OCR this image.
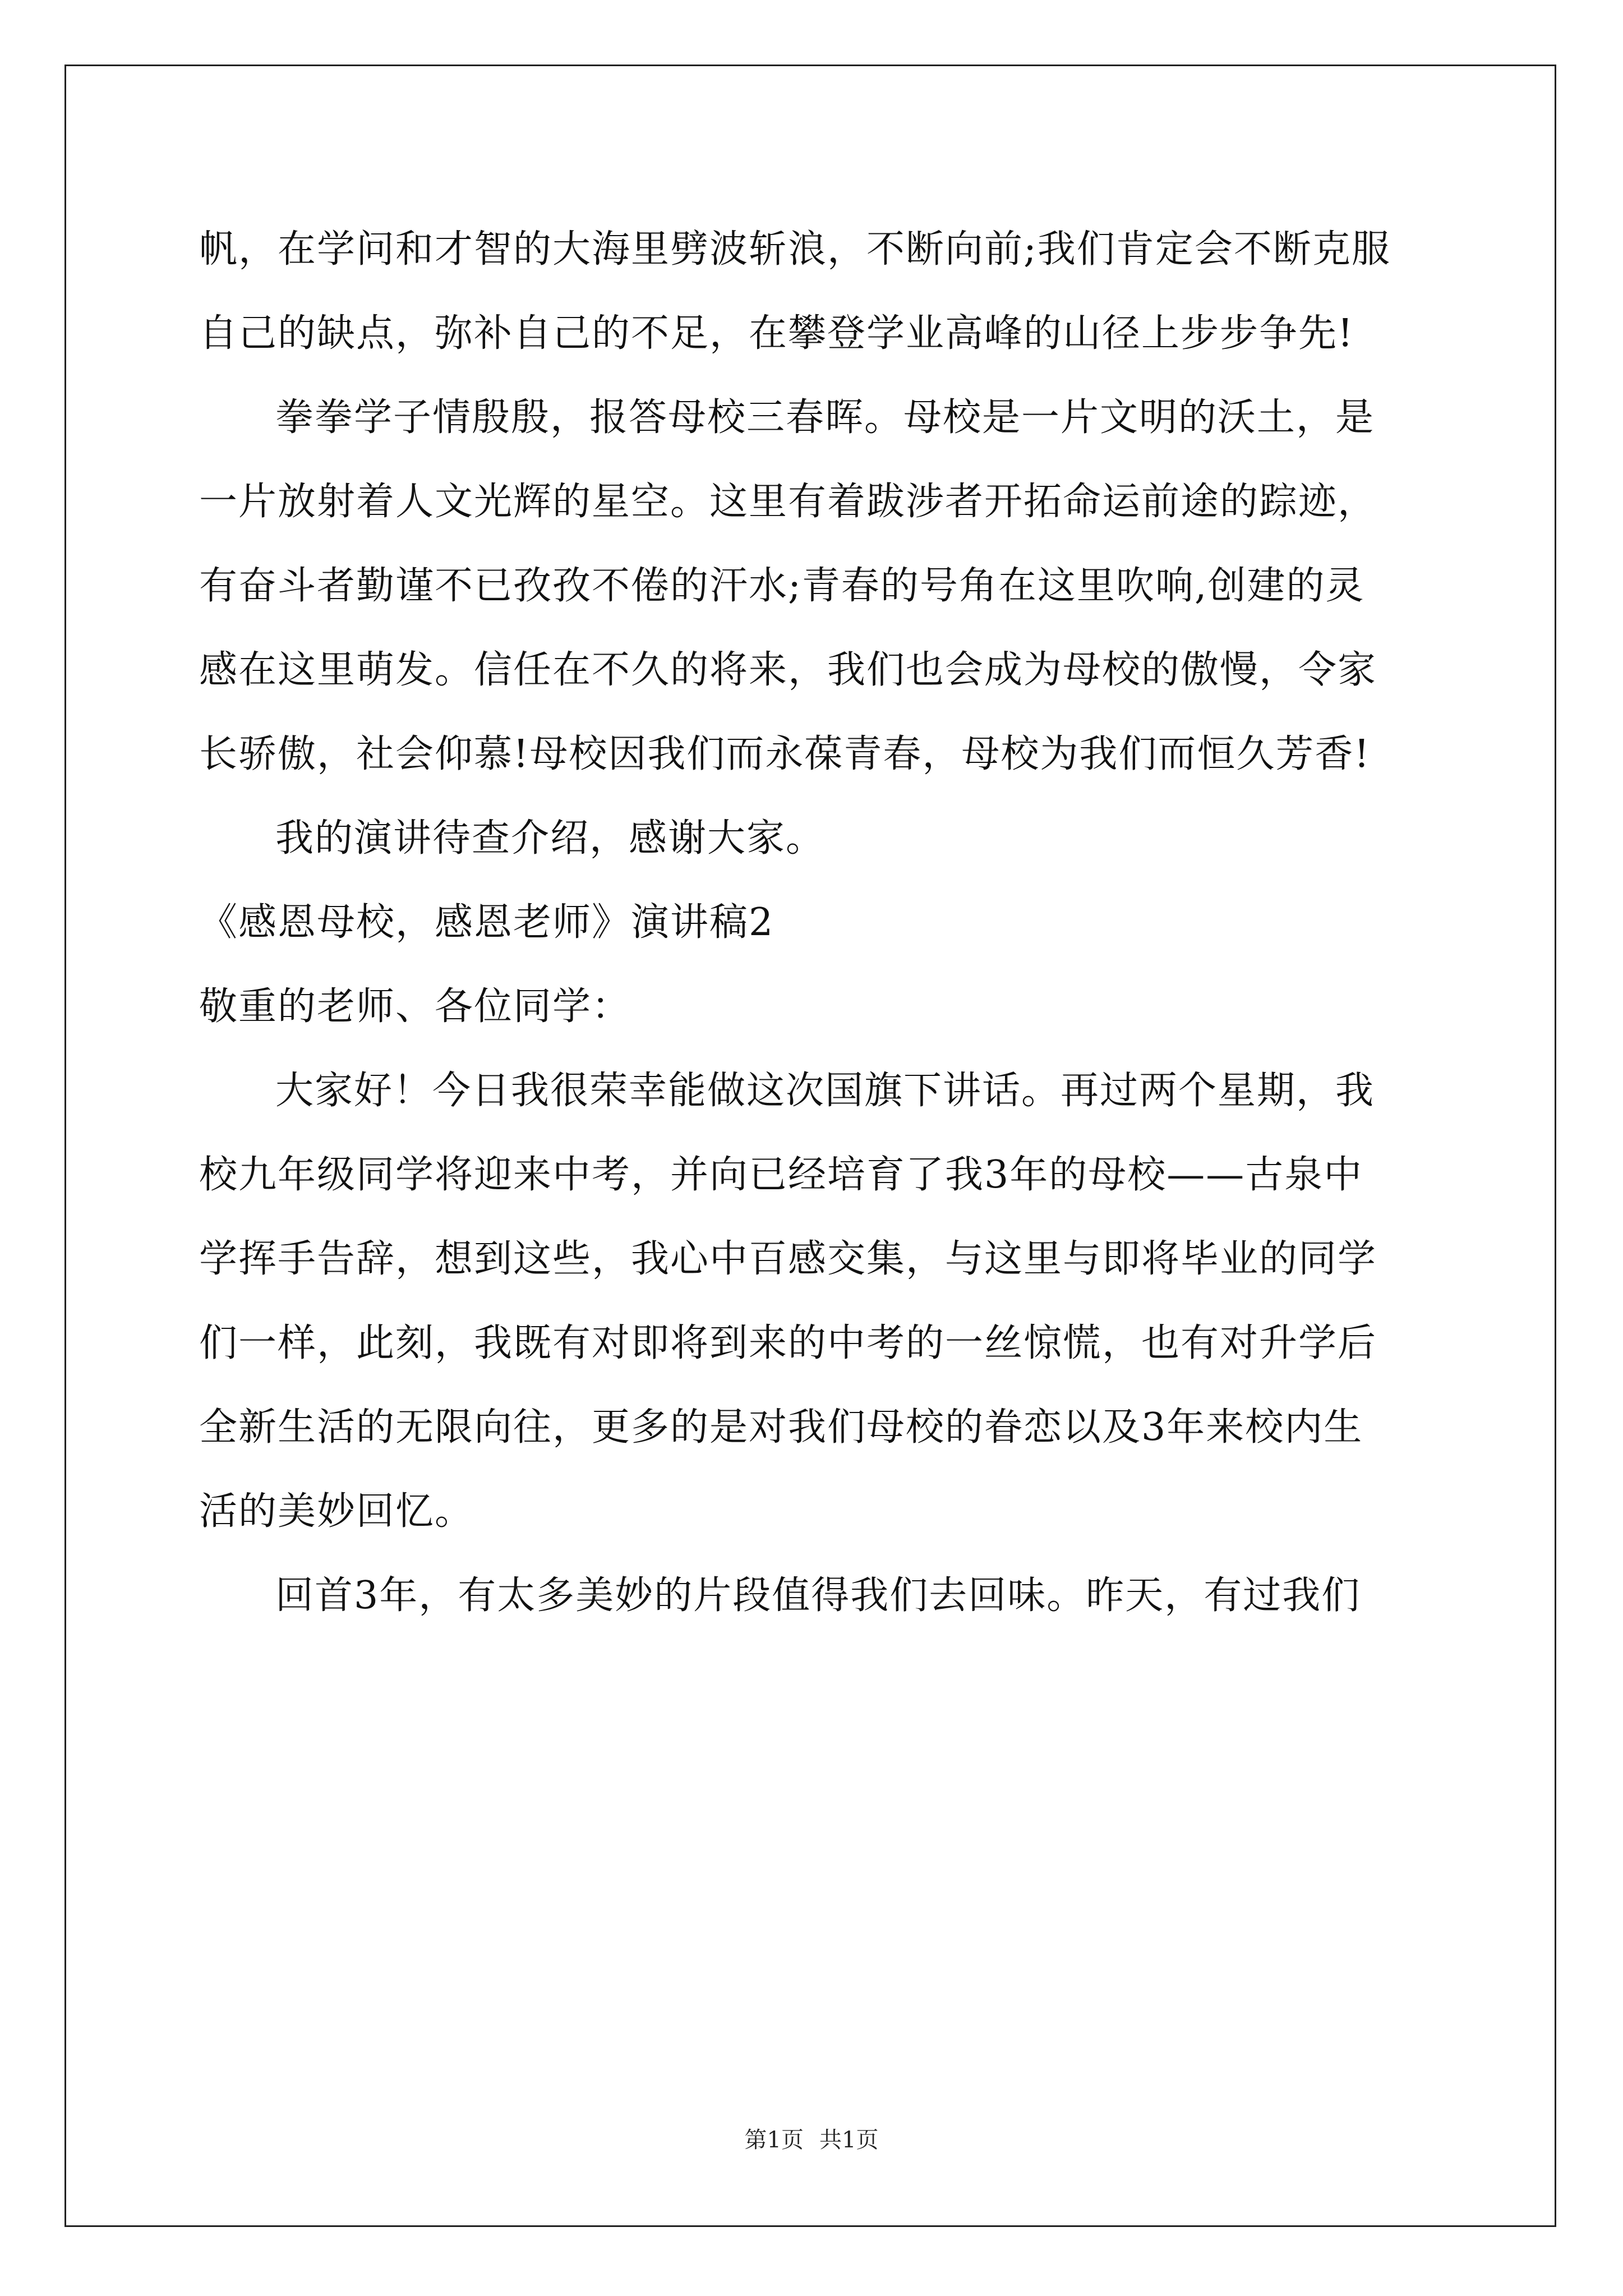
帆，在学问和才智的大海里劈波斩浪，不断向前;我们肯定会不断克服
自己的缺点，弥补自己的不足，在攀登学业高峰的山径上步步争先!
拳拳学子情殷殷，报答母校三春晖。母校是一片文明的沃土，是
一片放射着人文光辉的星空。这里有着跋涉者开拓命运前途的踪迹，
有奋斗者勤谨不已孜孜不倦的汗水;青春的号角在这里吹响,创建的灵
感在这里萌发。信任在不久的将来，我们也会成为母校的傲慢，令家
长骄傲，社会仰慕!母校因我们而永葆青春，母校为我们而恒久芳香!
我的演讲待查介绍，感谢大家。
《感恩母校，感恩老师》演讲稿2
敬重的老师、各位同学：
大家好！今日我很荣幸能做这次国旗下讲话。再过两个星期，我
校九年级同学将迎来中考，并向已经培育了我3年的母校——古泉中
学挥手告辞，想到这些，我心中百感交集，与这里与即将毕业的同学
们一样，此刻，我既有对即将到来的中考的一丝惊慌，也有对升学后
全新生活的无限向往，更多的是对我们母校的眷恋以及3年来校内生
活的美妙回忆。
回首3年，有太多美妙的片段值得我们去回味。昨天，有过我们
第1页 共1页
